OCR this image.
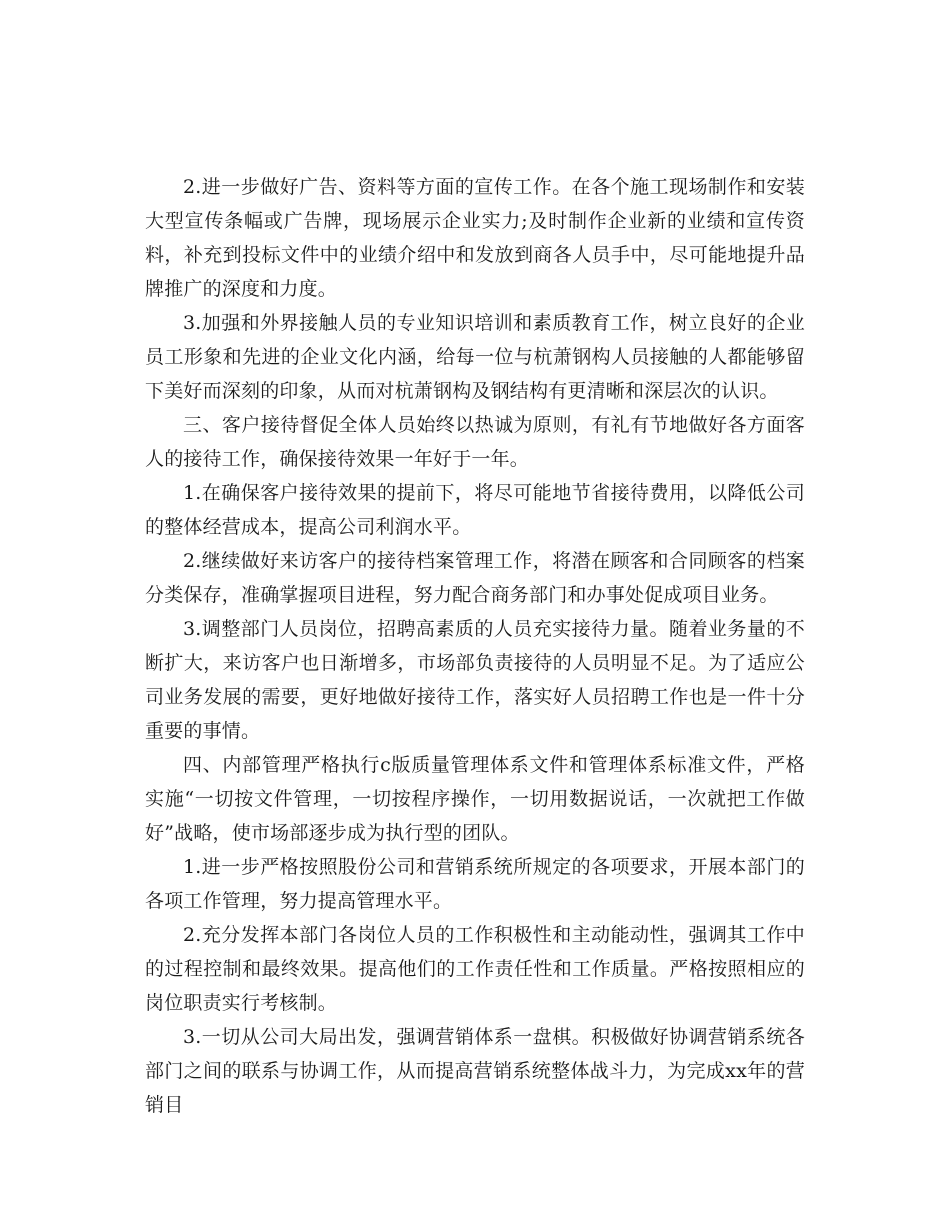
2.进一步做好广告、资料等方面的宣传工作。在各个施工现场制作和安装大型宣传条幅或广告牌，现场展示企业实力;及时制作企业新的业绩和宣传资料，补充到投标文件中的业绩介绍中和发放到商各人员手中，尽可能地提升品牌推广的深度和力度。

3.加强和外界接触人员的专业知识培训和素质教育工作，树立良好的企业员工形象和先进的企业文化内涵，给每一位与杭萧钢构人员接触的人都能够留下美好而深刻的印象，从而对杭萧钢构及钢结构有更清晰和深层次的认识。

三、客户接待督促全体人员始终以热诚为原则，有礼有节地做好各方面客人的接待工作，确保接待效果一年好于一年。

1.在确保客户接待效果的提前下，将尽可能地节省接待费用，以降低公司的整体经营成本，提高公司利润水平。

2.继续做好来访客户的接待档案管理工作，将潜在顾客和合同顾客的档案分类保存，准确掌握项目进程，努力配合商务部门和办事处促成项目业务。

3.调整部门人员岗位，招聘高素质的人员充实接待力量。随着业务量的不断扩大，来访客户也日渐增多，市场部负责接待的人员明显不足。为了适应公司业务发展的需要，更好地做好接待工作，落实好人员招聘工作也是一件十分重要的事情。

四、内部管理严格执行c版质量管理体系文件和管理体系标准文件，严格实施“一切按文件管理，一切按程序操作，一切用数据说话，一次就把工作做好”战略，使市场部逐步成为执行型的团队。

1.进一步严格按照股份公司和营销系统所规定的各项要求，开展本部门的各项工作管理，努力提高管理水平。

2.充分发挥本部门各岗位人员的工作积极性和主动能动性，强调其工作中的过程控制和最终效果。提高他们的工作责任性和工作质量。严格按照相应的岗位职责实行考核制。

3.一切从公司大局出发，强调营销体系一盘棋。积极做好协调营销系统各部门之间的联系与协调工作，从而提高营销系统整体战斗力，为完成xx年的营销目
